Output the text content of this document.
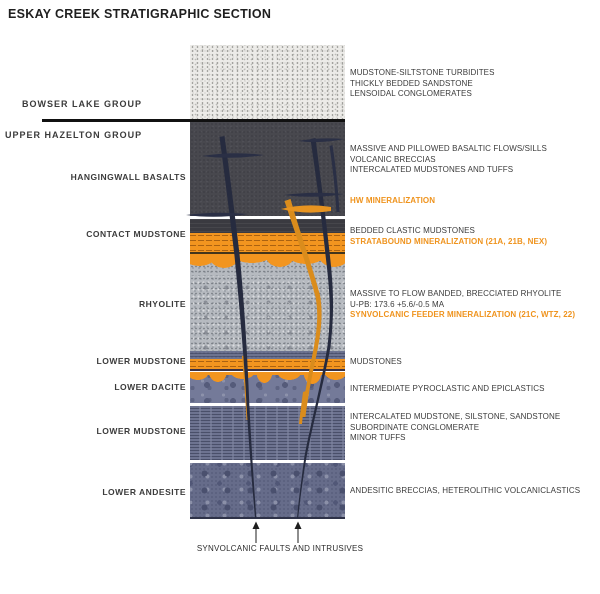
ESKAY CREEK STRATIGRAPHIC SECTION
BOWSER LAKE GROUP
UPPER HAZELTON GROUP
HANGINGWALL BASALTS
CONTACT MUDSTONE
RHYOLITE
LOWER MUDSTONE
LOWER DACITE
LOWER MUDSTONE
LOWER ANDESITE
MUDSTONE-SILTSTONE TURBIDITES
THICKLY BEDDED SANDSTONE
LENSOIDAL CONGLOMERATES
MASSIVE AND PILLOWED BASALTIC FLOWS/SILLS
VOLCANIC BRECCIAS
INTERCALATED MUDSTONES AND TUFFS
HW MINERALIZATION
BEDDED CLASTIC MUDSTONES
STRATABOUND MINERALIZATION (21A, 21B, NEX)
MASSIVE TO FLOW BANDED, BRECCIATED RHYOLITE
U-PB: 173.6 +5.6/-0.5 MA
SYNVOLCANIC FEEDER MINERALIZATION (21C, WTZ, 22)
MUDSTONES
INTERMEDIATE PYROCLASTIC AND EPICLASTICS
INTERCALATED MUDSTONE, SILSTONE, SANDSTONE
SUBORDINATE CONGLOMERATE
MINOR TUFFS
ANDESITIC BRECCIAS, HETEROLITHIC VOLCANICLASTICS
SYNVOLCANIC FAULTS AND INTRUSIVES
